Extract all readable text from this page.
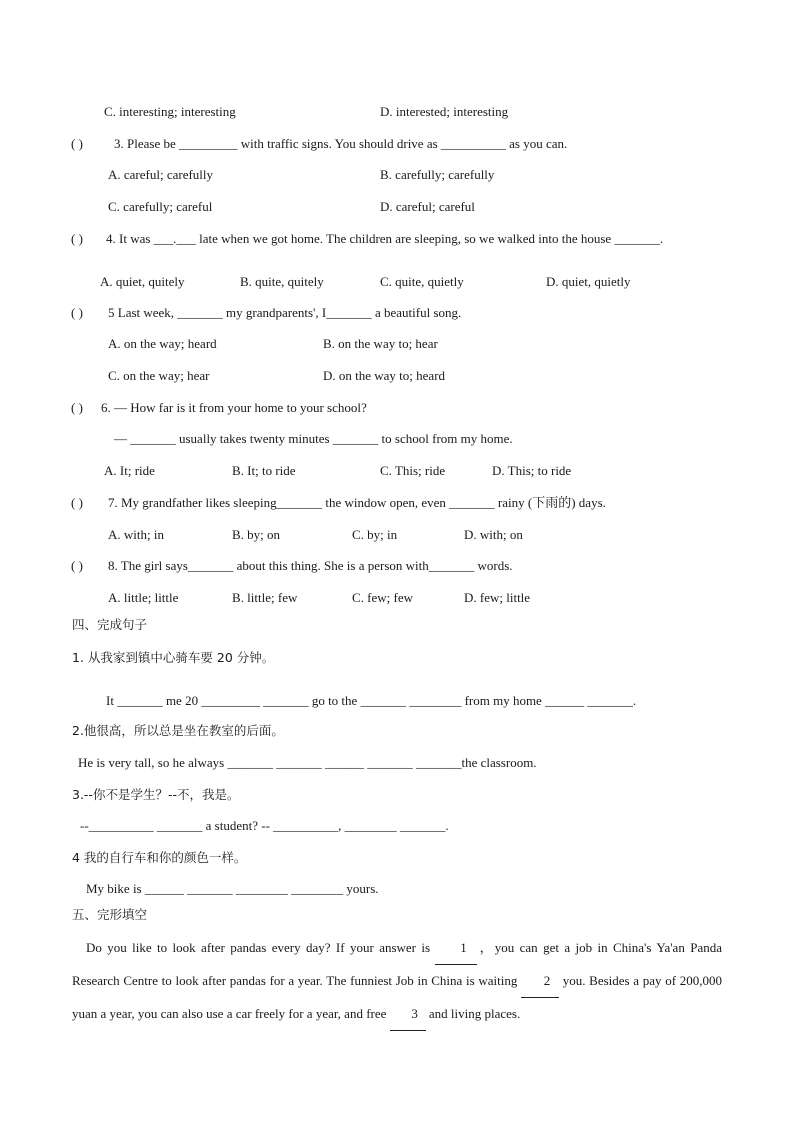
C. interesting; interesting	D. interested; interesting
( ) 3. Please be _________ with traffic signs. You should drive as __________ as you can.
A. careful; carefully	B. carefully; carefully
C. carefully; careful	D. careful; careful
( ) 4. It was ___.___ late when we got home. The children are sleeping, so we walked into the house _______.
A. quiet, quitely	B. quite, quitely	C. quite, quietly	D. quiet, quietly
( ) 5 Last week, _______ my grandparents', I_______ a beautiful song.
A. on the way; heard	B. on the way to; hear
C. on the way; hear	D. on the way to; heard
( ) 6. — How far is it from your home to your school?
— _______ usually takes twenty minutes _______ to school from my home.
A. It; ride	B. It; to ride	C. This; ride	D. This; to ride
( ) 7. My grandfather likes sleeping_______ the window open, even _______ rainy (下雨的) days.
A. with; in	B. by; on	C. by; in	D. with; on
( ) 8. The girl says_______ about this thing. She is a person with_______ words.
A. little; little	B. little; few	C. few; few	D. few; little
四、完成句子
1. 从我家到镇中心骑车要 20 分钟。
It _______ me 20 _________ _______ go to the _______ ________ from my home ______ _______.
2.他很高，所以总是坐在教室的后面。
He is very tall, so he always _______ _______ ______ _______ _______the classroom.
3.--你不是学生？--不，我是。
--__________ _______ a student? -- __________, ________ _______.
4 我的自行车和你的颜色一样。
My bike is ______ _______ ________ ________ yours.
五、完形填空
Do you like to look after pandas every day? If your answer is 1 ，you can get a job in China's Ya'an Panda Research Centre to look after pandas for a year. The funniest Job in China is waiting 2 you. Besides a pay of 200,000 yuan a year, you can also use a car freely for a year, and free 3 and living places.
